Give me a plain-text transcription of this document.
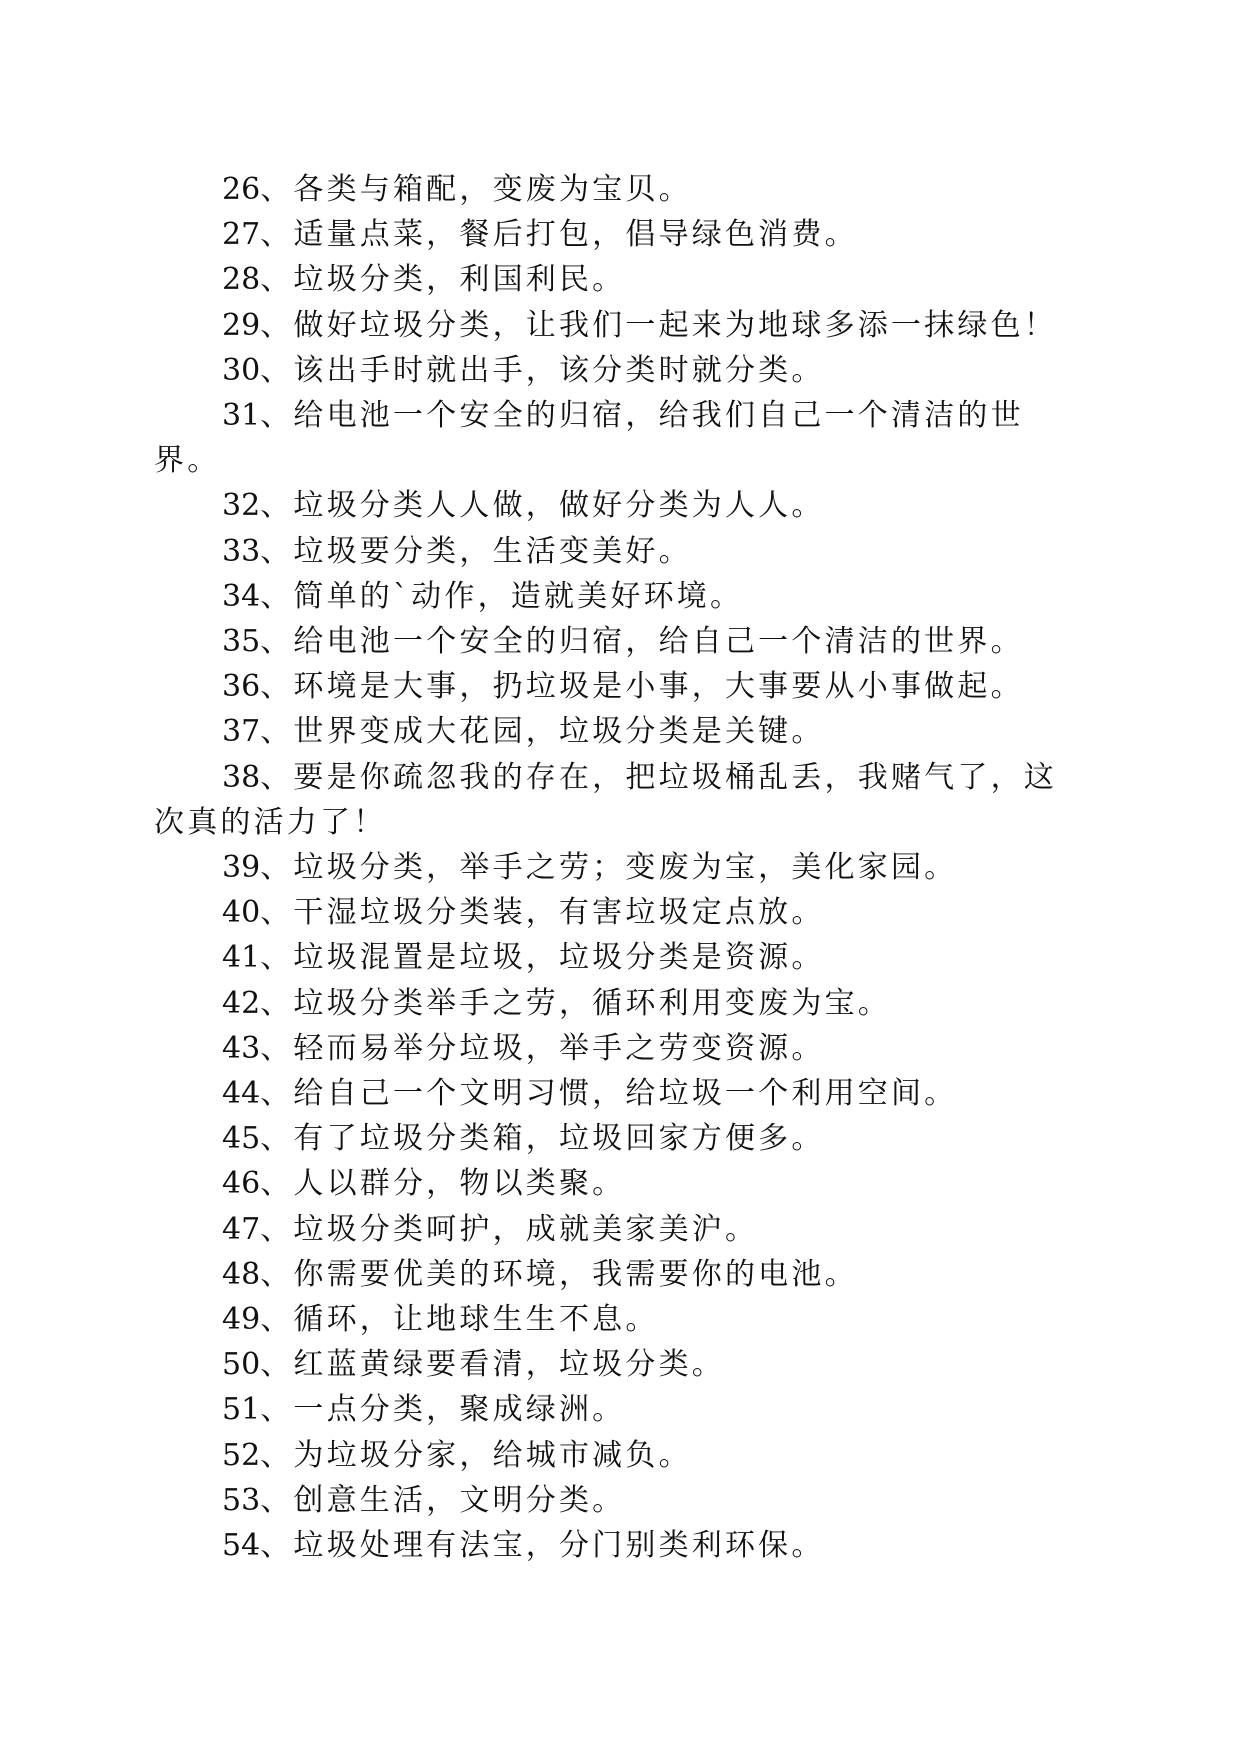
26、各类与箱配，变废为宝贝。

27、适量点菜，餐后打包，倡导绿色消费。

28、垃圾分类，利国利民。

29、做好垃圾分类，让我们一起来为地球多添一抹绿色！

30、该出手时就出手，该分类时就分类。

31、给电池一个安全的归宿，给我们自己一个清洁的世界。

32、垃圾分类人人做，做好分类为人人。

33、垃圾要分类，生活变美好。

34、简单的`动作，造就美好环境。

35、给电池一个安全的归宿，给自己一个清洁的世界。

36、环境是大事，扔垃圾是小事，大事要从小事做起。

37、世界变成大花园，垃圾分类是关键。

38、要是你疏忽我的存在，把垃圾桶乱丢，我赌气了，这次真的活力了！

39、垃圾分类，举手之劳；变废为宝，美化家园。

40、干湿垃圾分类装，有害垃圾定点放。

41、垃圾混置是垃圾，垃圾分类是资源。

42、垃圾分类举手之劳，循环利用变废为宝。

43、轻而易举分垃圾，举手之劳变资源。

44、给自己一个文明习惯，给垃圾一个利用空间。

45、有了垃圾分类箱，垃圾回家方便多。

46、人以群分，物以类聚。

47、垃圾分类呵护，成就美家美沪。

48、你需要优美的环境，我需要你的电池。

49、循环，让地球生生不息。

50、红蓝黄绿要看清，垃圾分类。

51、一点分类，聚成绿洲。

52、为垃圾分家，给城市减负。

53、创意生活，文明分类。

54、垃圾处理有法宝，分门别类利环保。
